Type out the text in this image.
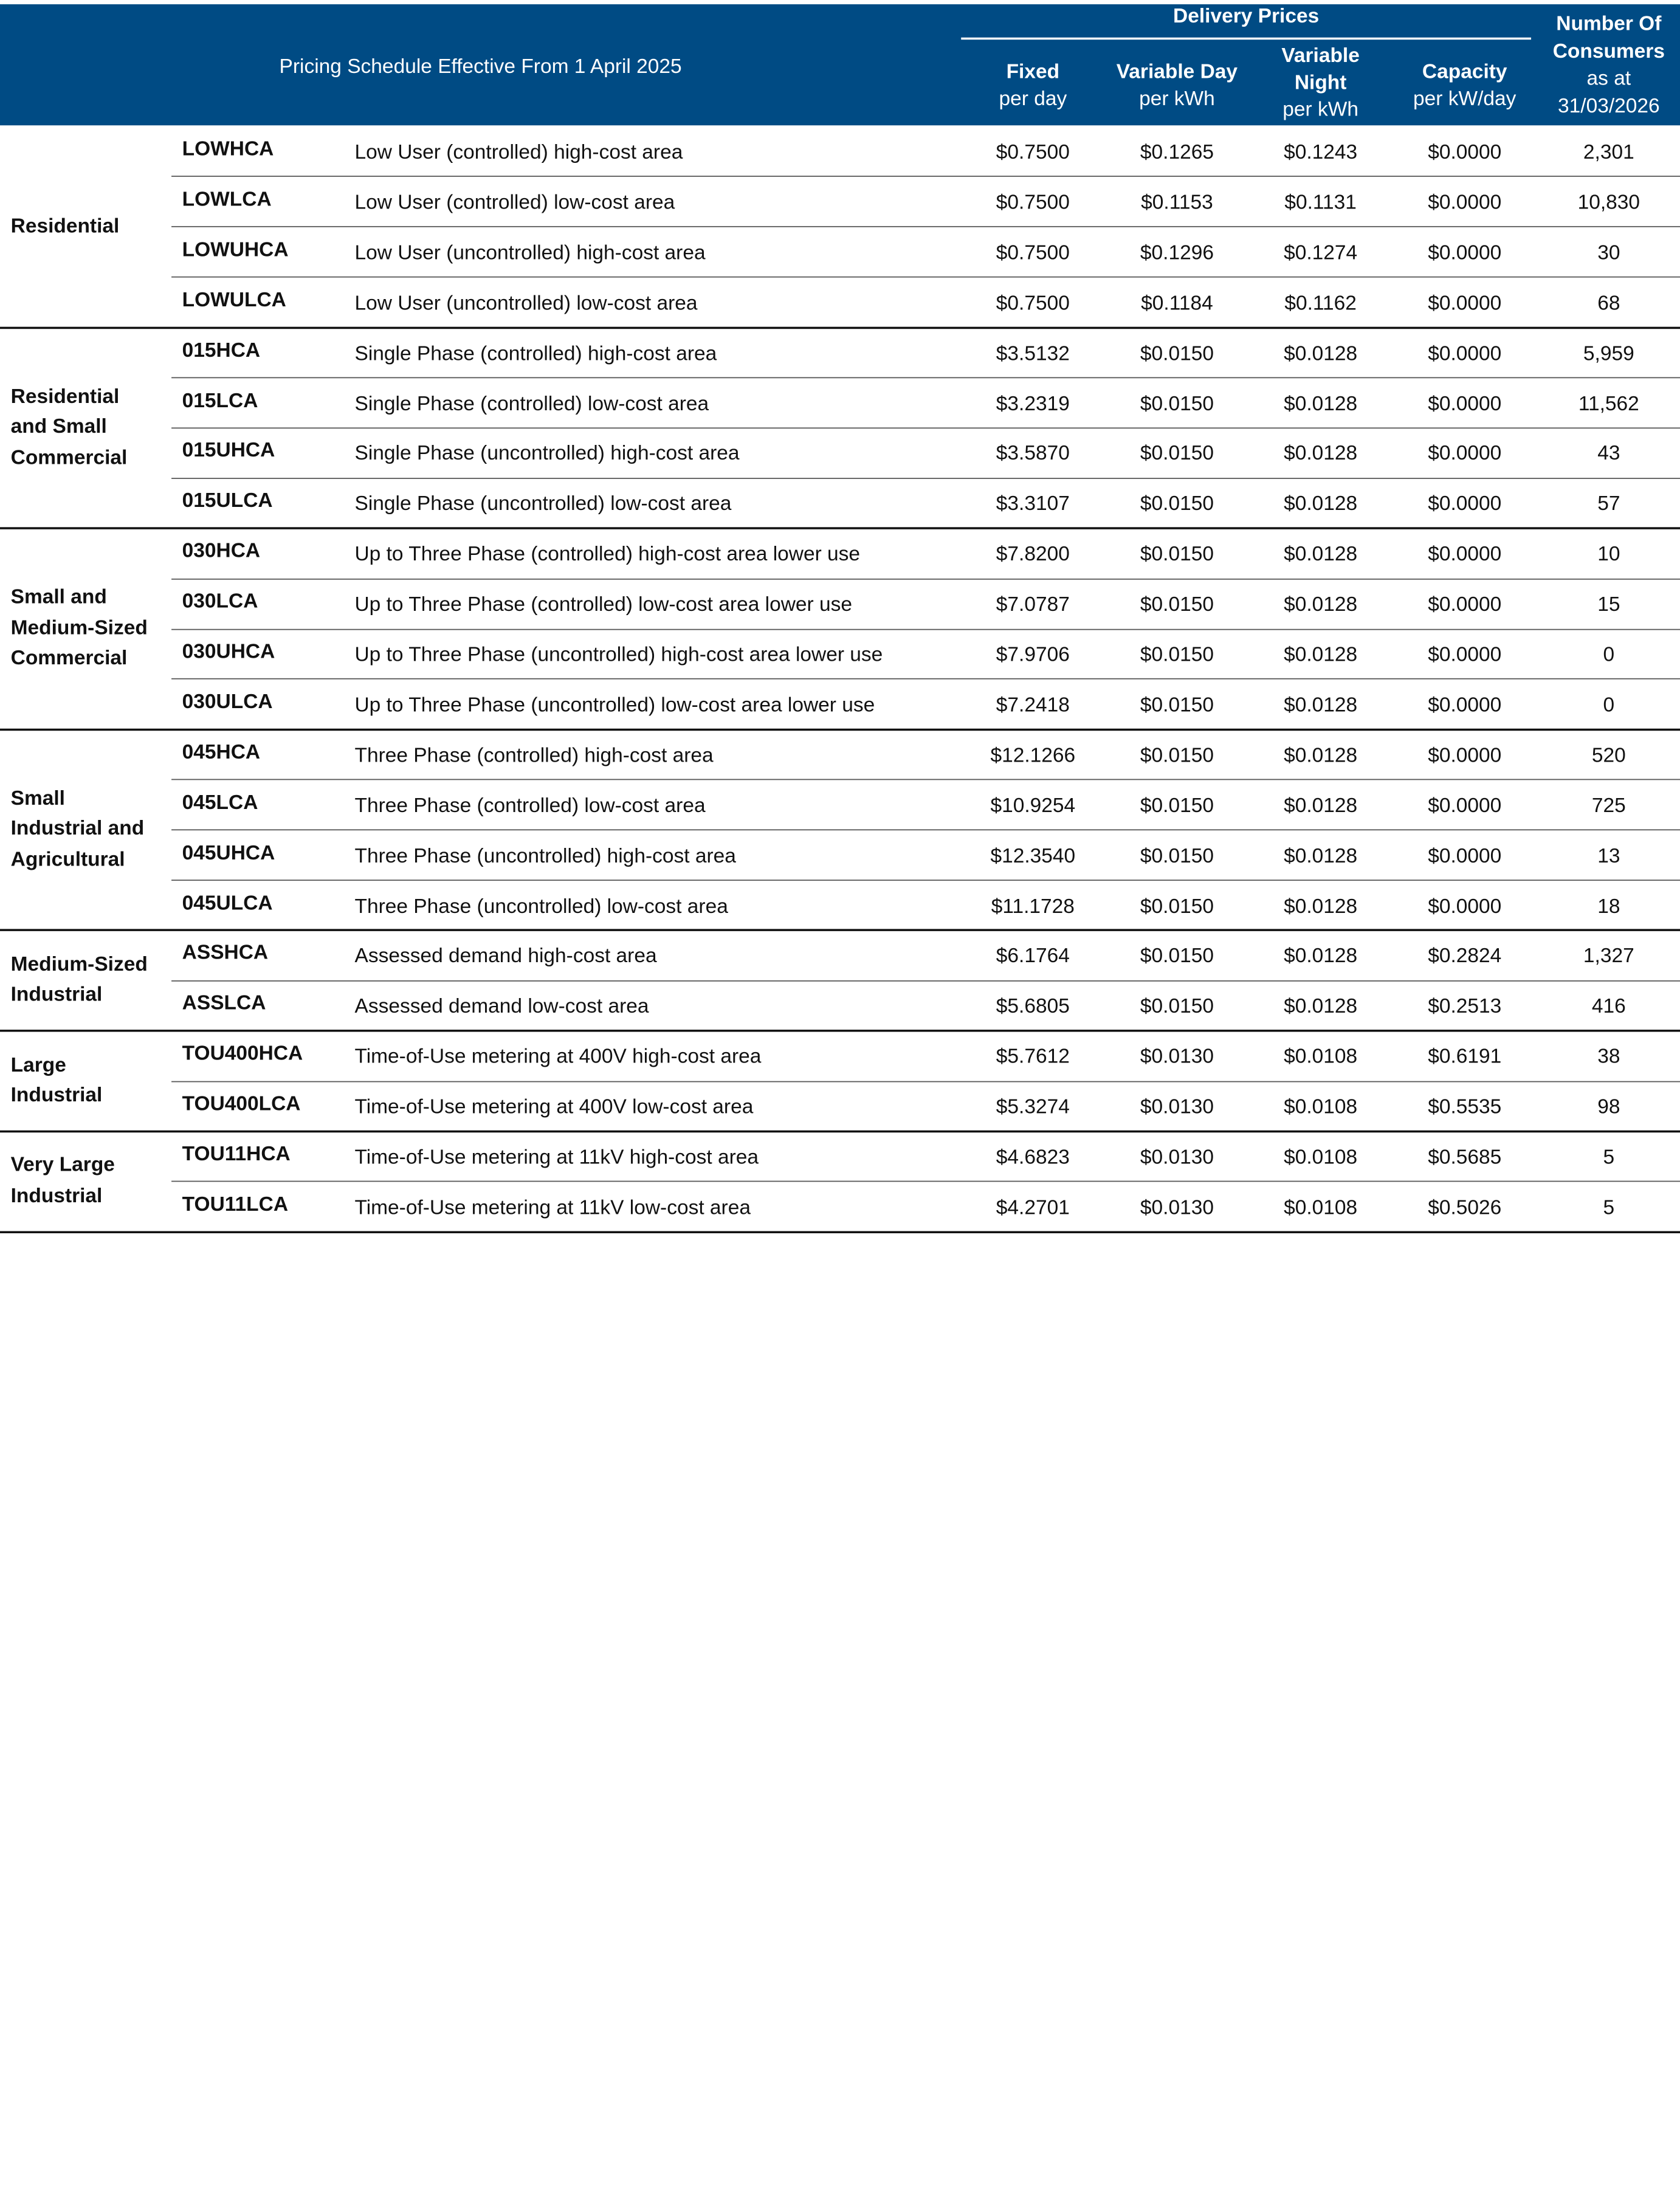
Pricing Schedule Effective From 1 April 2025
Delivery Prices
Fixed
per day
Variable Day
per kWh
Variable
Night
per kWh
Capacity
per kW/day
Number Of
Consumers
as at
31/03/2026
LOWHCA	Low User (controlled) high-cost area	$0.7500	$0.1265	$0.1243	$0.0000	2,301
LOWLCA	Low User (controlled) low-cost area	$0.7500	$0.1153	$0.1131	$0.0000	10,830
LOWUHCA	Low User (uncontrolled) high-cost area	$0.7500	$0.1296	$0.1274	$0.0000	30
LOWULCA	Low User (uncontrolled) low-cost area	$0.7500	$0.1184	$0.1162	$0.0000	68
Residential
015HCA	Single Phase (controlled) high-cost area	$3.5132	$0.0150	$0.0128	$0.0000	5,959
015LCA	Single Phase (controlled) low-cost area	$3.2319	$0.0150	$0.0128	$0.0000	11,562
015UHCA	Single Phase (uncontrolled) high-cost area	$3.5870	$0.0150	$0.0128	$0.0000	43
015ULCA	Single Phase (uncontrolled) low-cost area	$3.3107	$0.0150	$0.0128	$0.0000	57
Residential
and Small
Commercial
030HCA	Up to Three Phase (controlled) high-cost area lower use	$7.8200	$0.0150	$0.0128	$0.0000	10
030LCA	Up to Three Phase (controlled) low-cost area lower use	$7.0787	$0.0150	$0.0128	$0.0000	15
030UHCA	Up to Three Phase (uncontrolled) high-cost area lower use	$7.9706	$0.0150	$0.0128	$0.0000	0
030ULCA	Up to Three Phase (uncontrolled) low-cost area lower use	$7.2418	$0.0150	$0.0128	$0.0000	0
Small and
Medium-Sized
Commercial
045HCA	Three Phase (controlled) high-cost area	$12.1266	$0.0150	$0.0128	$0.0000	520
045LCA	Three Phase (controlled) low-cost area	$10.9254	$0.0150	$0.0128	$0.0000	725
045UHCA	Three Phase (uncontrolled) high-cost area	$12.3540	$0.0150	$0.0128	$0.0000	13
045ULCA	Three Phase (uncontrolled) low-cost area	$11.1728	$0.0150	$0.0128	$0.0000	18
Small
Industrial and
Agricultural
ASSHCA	Assessed demand high-cost area	$6.1764	$0.0150	$0.0128	$0.2824	1,327
ASSLCA	Assessed demand low-cost area	$5.6805	$0.0150	$0.0128	$0.2513	416
Medium-Sized
Industrial
TOU400HCA	Time-of-Use metering at 400V high-cost area	$5.7612	$0.0130	$0.0108	$0.6191	38
TOU400LCA	Time-of-Use metering at 400V low-cost area	$5.3274	$0.0130	$0.0108	$0.5535	98
Large
Industrial
TOU11HCA	Time-of-Use metering at 11kV high-cost area	$4.6823	$0.0130	$0.0108	$0.5685	5
TOU11LCA	Time-of-Use metering at 11kV low-cost area	$4.2701	$0.0130	$0.0108	$0.5026	5
Very Large
Industrial
